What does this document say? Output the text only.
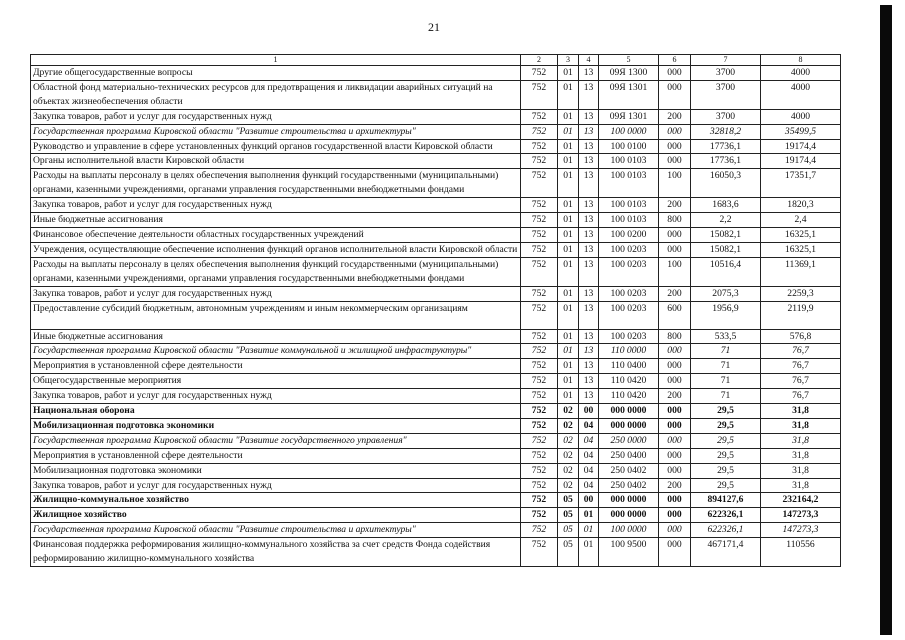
21
1	2	3	4	5	6	7	8
Другие общегосударственные вопросы	752	01	13	09Я 1300	000	3700	4000
Областной фонд материально-технических ресурсов для предотвращения и ликвидации аварийных ситуаций на объектах жизнеобеспечения области	752	01	13	09Я 1301	000	3700	4000
Закупка товаров, работ и услуг для государственных нужд	752	01	13	09Я 1301	200	3700	4000
Государственная программа Кировской области "Развитие строительства и архитектуры"	752	01	13	100 0000	000	32818,2	35499,5
Руководство и управление в сфере установленных функций органов государственной власти Кировской области	752	01	13	100 0100	000	17736,1	19174,4
Органы исполнительной власти Кировской области	752	01	13	100 0103	000	17736,1	19174,4
Расходы на выплаты персоналу в целях обеспечения выполнения функций государственными (муниципальными) органами, казенными учреждениями, органами управления государственными внебюджетными фондами	752	01	13	100 0103	100	16050,3	17351,7
Закупка товаров, работ и услуг для государственных нужд	752	01	13	100 0103	200	1683,6	1820,3
Иные бюджетные ассигнования	752	01	13	100 0103	800	2,2	2,4
Финансовое обеспечение деятельности областных государственных учреждений	752	01	13	100 0200	000	15082,1	16325,1
Учреждения, осуществляющие обеспечение исполнения функций органов исполнительной власти Кировской области	752	01	13	100 0203	000	15082,1	16325,1
Расходы на выплаты персоналу в целях обеспечения выполнения функций государственными (муниципальными) органами, казенными учреждениями, органами управления государственными внебюджетными фондами	752	01	13	100 0203	100	10516,4	11369,1
Закупка товаров, работ и услуг для государственных нужд	752	01	13	100 0203	200	2075,3	2259,3
Предоставление субсидий бюджетным, автономным учреждениям и иным некоммерческим организациям	752	01	13	100 0203	600	1956,9	2119,9
Иные бюджетные ассигнования	752	01	13	100 0203	800	533,5	576,8
Государственная программа Кировской области "Развитие коммунальной и жилищной инфраструктуры"	752	01	13	110 0000	000	71	76,7
Мероприятия в установленной сфере деятельности	752	01	13	110 0400	000	71	76,7
Общегосударственные мероприятия	752	01	13	110 0420	000	71	76,7
Закупка товаров, работ и услуг для государственных нужд	752	01	13	110 0420	200	71	76,7
Национальная оборона	752	02	00	000 0000	000	29,5	31,8
Мобилизационная подготовка экономики	752	02	04	000 0000	000	29,5	31,8
Государственная программа Кировской области "Развитие государственного управления"	752	02	04	250 0000	000	29,5	31,8
Мероприятия в установленной сфере деятельности	752	02	04	250 0400	000	29,5	31,8
Мобилизационная подготовка экономики	752	02	04	250 0402	000	29,5	31,8
Закупка товаров, работ и услуг для государственных нужд	752	02	04	250 0402	200	29,5	31,8
Жилищно-коммунальное хозяйство	752	05	00	000 0000	000	894127,6	232164,2
Жилищное хозяйство	752	05	01	000 0000	000	622326,1	147273,3
Государственная программа Кировской области "Развитие строительства и архитектуры"	752	05	01	100 0000	000	622326,1	147273,3
Финансовая поддержка реформирования жилищно-коммунального хозяйства за счет средств Фонда содействия реформированию жилищно-коммунального хозяйства	752	05	01	100 9500	000	467171,4	110556
